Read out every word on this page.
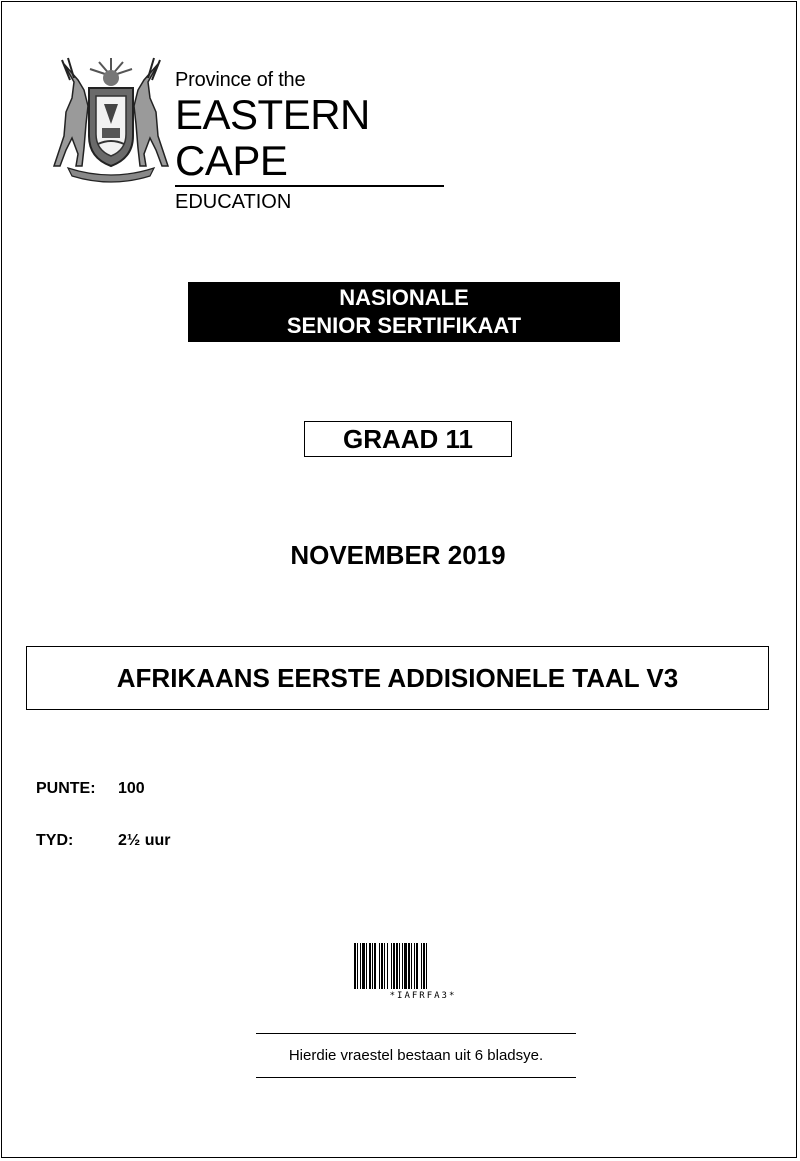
Province of the
EASTERN CAPE
EDUCATION
NASIONALE
SENIOR SERTIFIKAAT
GRAAD 11
NOVEMBER 2019
AFRIKAANS EERSTE ADDISIONELE TAAL V3
PUNTE: 100
TYD:	2½ uur
*IAFRFA3*
Hierdie vraestel bestaan uit 6 bladsye.
